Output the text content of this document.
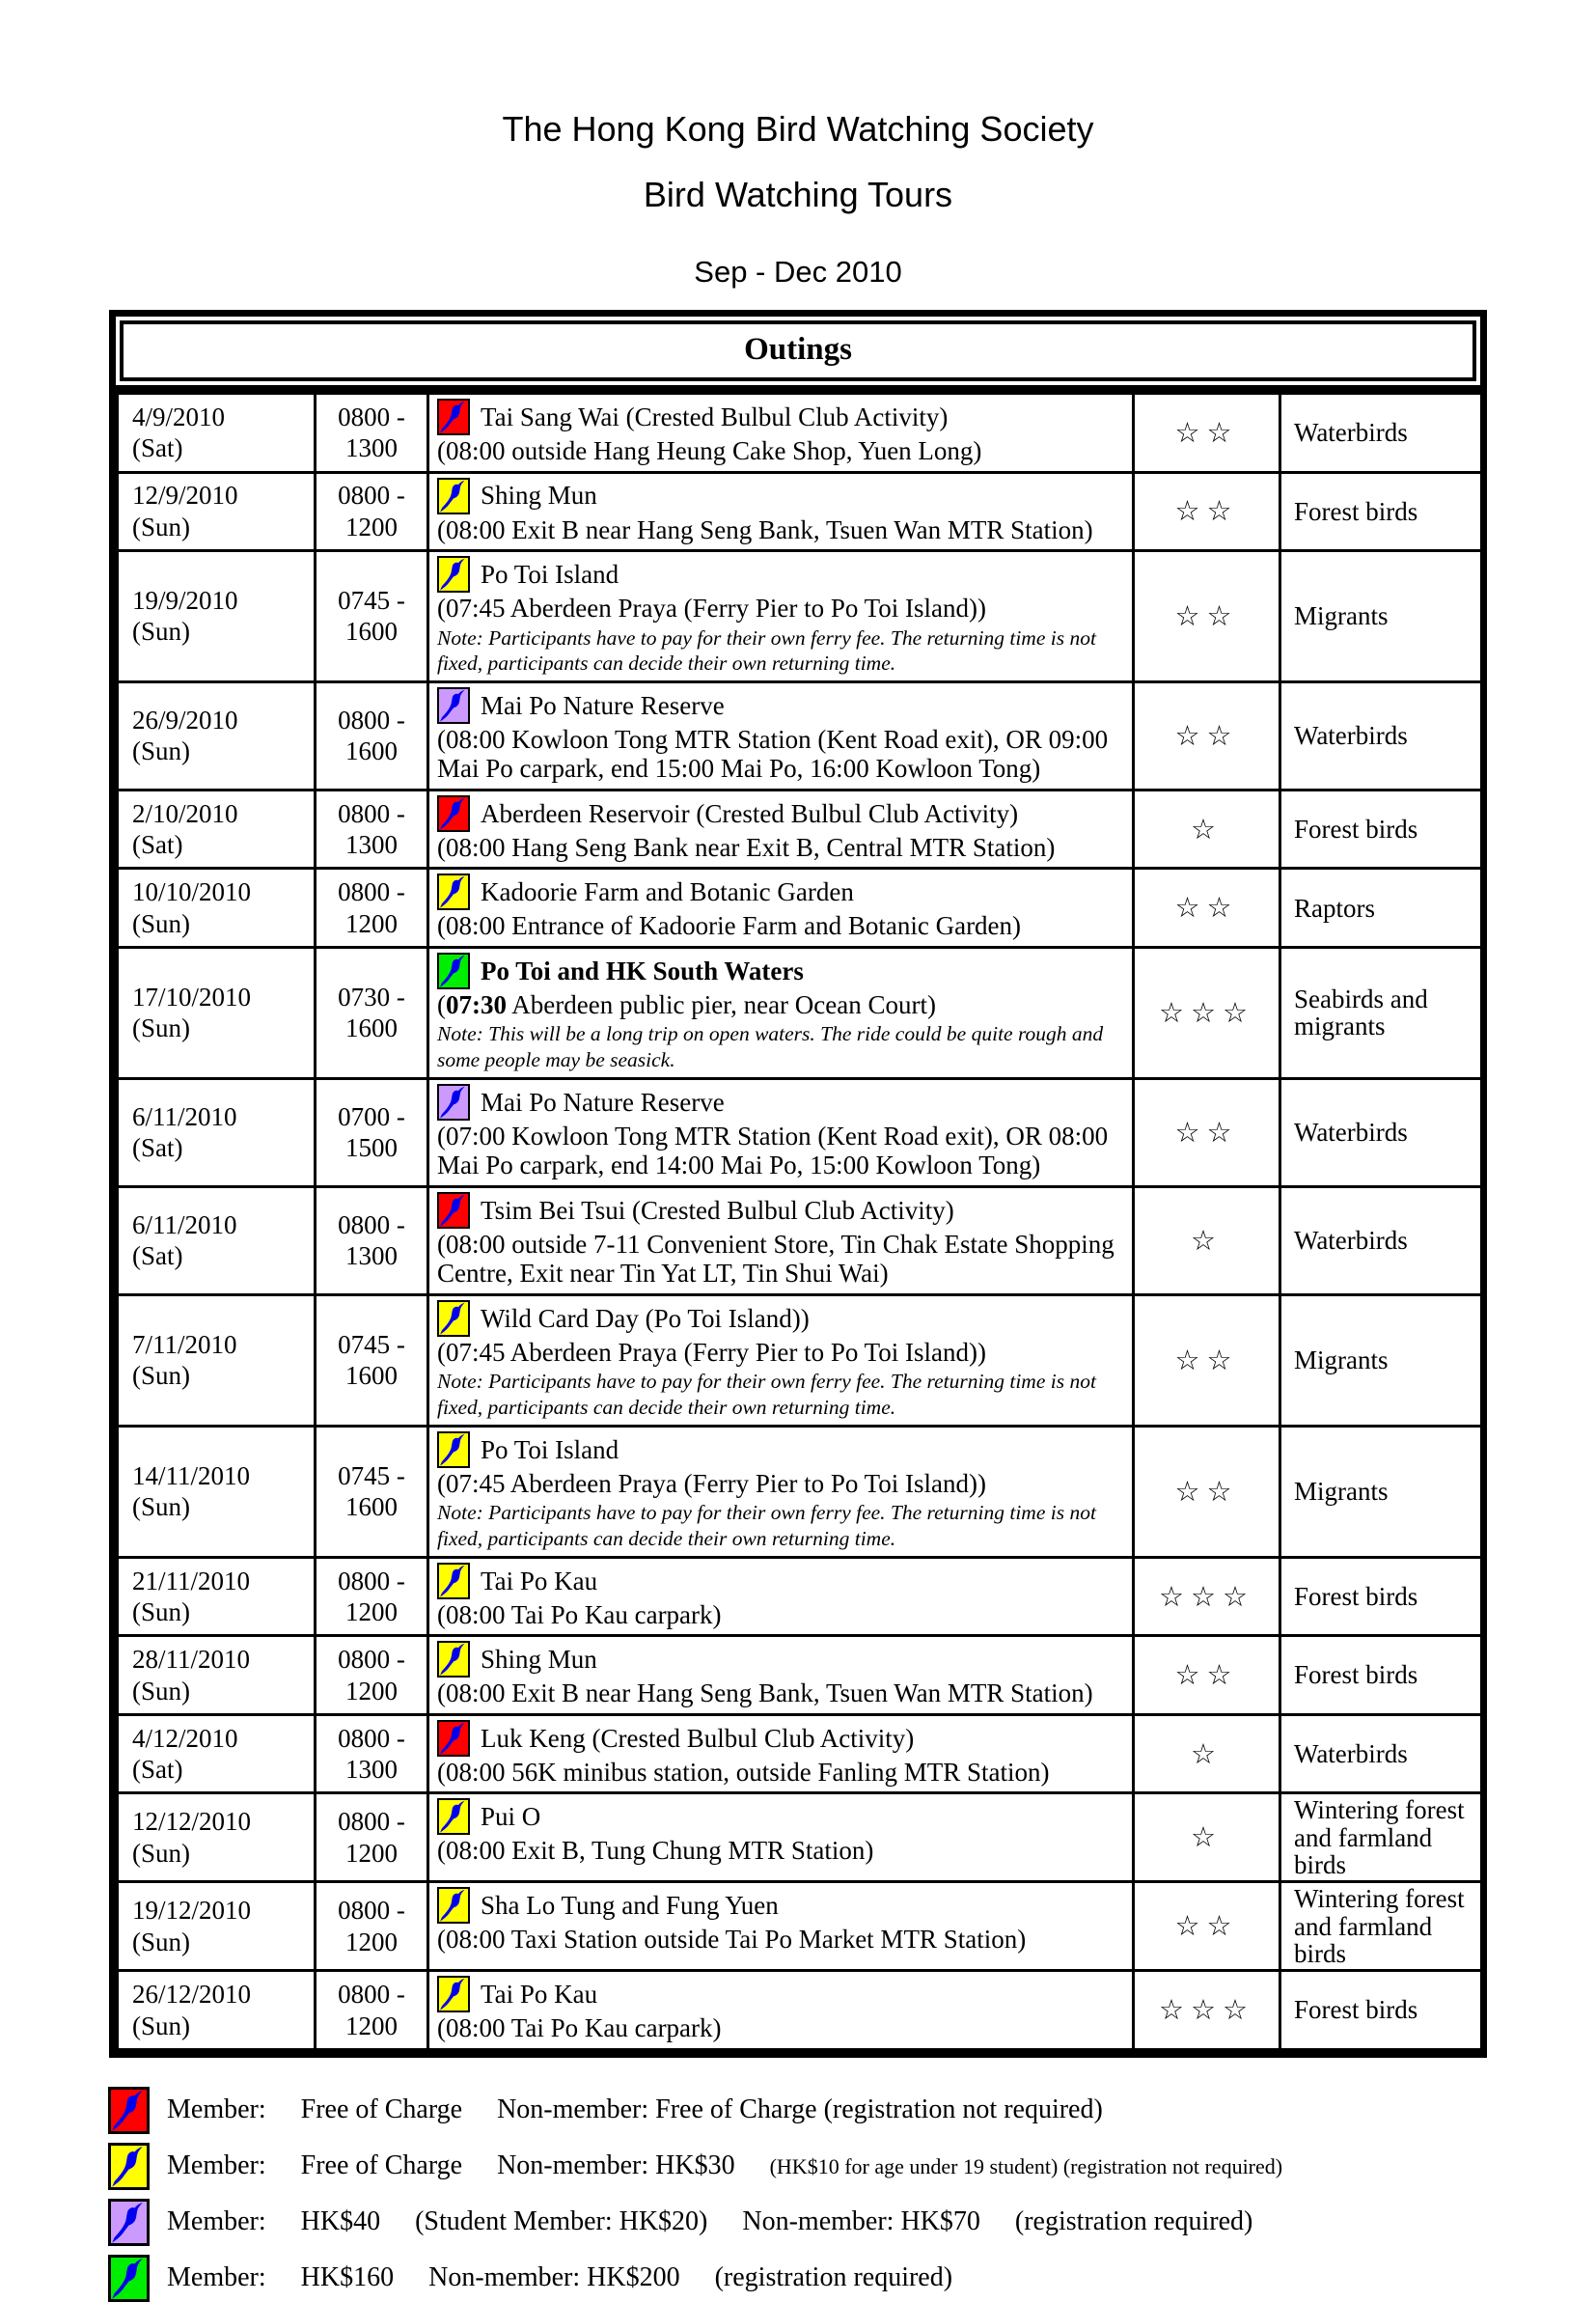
The Hong Kong Bird Watching Society
Bird Watching Tours
Sep - Dec 2010
Outings
4/9/2010
(Sat)

0800 -
1300

Tai Sang Wai (Crested Bulbul Club Activity)
(08:00 outside Hang Heung Cake Shop, Yuen Long)
	☆☆	Waterbirds

12/9/2010
(Sun)

0800 -
1200

Shing Mun
(08:00 Exit B near Hang Seng Bank, Tsuen Wan MTR Station)
	☆☆	Forest birds

19/9/2010
(Sun)

0745 -
1600

Po Toi Island
(07:45 Aberdeen Praya (Ferry Pier to Po Toi Island))
Note: Participants have to pay for their own ferry fee. The returning time is not fixed, participants can decide their own returning time.
	☆☆	Migrants

26/9/2010
(Sun)

0800 -
1600

Mai Po Nature Reserve
(08:00 Kowloon Tong MTR Station (Kent Road exit), OR 09:00 Mai Po carpark, end 15:00 Mai Po, 16:00 Kowloon Tong)
	☆☆	Waterbirds

2/10/2010
(Sat)

0800 -
1300

Aberdeen Reservoir (Crested Bulbul Club Activity)
(08:00 Hang Seng Bank near Exit B, Central MTR Station)
	☆	Forest birds

10/10/2010
(Sun)

0800 -
1200

Kadoorie Farm and Botanic Garden
(08:00 Entrance of Kadoorie Farm and Botanic Garden)
	☆☆	Raptors

17/10/2010
(Sun)

0730 -
1600

Po Toi and HK South Waters
(07:30 Aberdeen public pier, near Ocean Court)
Note: This will be a long trip on open waters. The ride could be quite rough and some people may be seasick.
	☆☆☆	Seabirds and migrants

6/11/2010
(Sat)

0700 -
1500

Mai Po Nature Reserve
(07:00 Kowloon Tong MTR Station (Kent Road exit), OR 08:00 Mai Po carpark, end 14:00 Mai Po, 15:00 Kowloon Tong)
	☆☆	Waterbirds

6/11/2010
(Sat)

0800 -
1300

Tsim Bei Tsui (Crested Bulbul Club Activity)
(08:00 outside 7-11 Convenient Store, Tin Chak Estate Shopping Centre, Exit near Tin Yat LT, Tin Shui Wai)
	☆	Waterbirds

7/11/2010
(Sun)

0745 -
1600

Wild Card Day (Po Toi Island))
(07:45 Aberdeen Praya (Ferry Pier to Po Toi Island))
Note: Participants have to pay for their own ferry fee. The returning time is not fixed, participants can decide their own returning time.
	☆☆	Migrants

14/11/2010
(Sun)

0745 -
1600

Po Toi Island
(07:45 Aberdeen Praya (Ferry Pier to Po Toi Island))
Note: Participants have to pay for their own ferry fee. The returning time is not fixed, participants can decide their own returning time.
	☆☆	Migrants

21/11/2010
(Sun)

0800 -
1200

Tai Po Kau
(08:00 Tai Po Kau carpark)
	☆☆☆	Forest birds

28/11/2010
(Sun)

0800 -
1200

Shing Mun
(08:00 Exit B near Hang Seng Bank, Tsuen Wan MTR Station)
	☆☆	Forest birds

4/12/2010
(Sat)

0800 -
1300

Luk Keng (Crested Bulbul Club Activity)
(08:00 56K minibus station, outside Fanling MTR Station)
	☆	Waterbirds

12/12/2010
(Sun)

0800 -
1200

Pui O
(08:00 Exit B, Tung Chung MTR Station)	☆	Wintering forest and farmland birds

19/12/2010
(Sun)

0800 -
1200

Sha Lo Tung and Fung Yuen
(08:00 Taxi Station outside Tai Po Market MTR Station)	☆☆	Wintering forest and farmland birds

26/12/2010
(Sun)

0800 -
1200

Tai Po Kau
(08:00 Tai Po Kau carpark)
	☆☆☆	Forest birds
Member: Free of Charge Non-member: Free of Charge (registration not required)
Member: Free of Charge Non-member: HK$30 (HK$10 for age under 19 student) (registration not required)
Member: HK$40 (Student Member: HK$20) Non-member: HK$70 (registration required)
Member: HK$160 Non-member: HK$200 (registration required)
